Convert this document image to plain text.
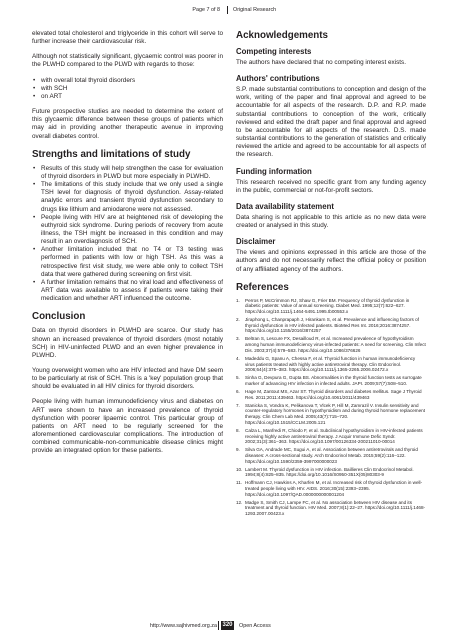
Page 7 of 8 Original Research

elevated total cholesterol and triglyceride in this cohort will serve to further increase their cardiovascular risk.

Although not statistically significant, glycaemic control was poorer in the PLWHD compared to the PLWD with regards to those:

• with overall total thyroid disorders
• with SCH
• on ART

Future prospective studies are needed to determine the extent of this glycaemic difference between these groups of patients which may aid in providing another therapeutic avenue in improving overall diabetes control.

Strengths and limitations of study
• Results of this study will help strengthen the case for evaluation of thyroid disorders in PLWD but more especially in PLWHD.
• The limitations of this study include that we only used a single TSH level for diagnosis of thyroid dysfunction. Assay-related analytic errors and transient thyroid dysfunction secondary to drugs like lithium and amiodarone were not assessed.
• People living with HIV are at heightened risk of developing the euthyroid sick syndrome. During periods of recovery from acute illness, the TSH might be increased in this condition and may result in an overdiagnosis of SCH.
• Another limitation included that no T4 or T3 testing was performed in patients with low or high TSH. As this was a retrospective first visit study, we were able only to collect TSH data that were gathered during screening on first visit.
• A further limitation remains that no viral load and effectiveness of ART data was available to assess if patients were taking their medication and whether ART influenced the outcome.
Conclusion

Data on thyroid disorders in PLWHD are scarce. Our study has shown an increased prevalence of thyroid disorders (most notably SCH) in HIV-uninfected PLWD and an even higher prevalence in PLWHD.

Young overweight women who are HIV infected and have DM seem to be particularly at risk of SCH. This is a 'key' population group that should be evaluated in all HIV clinics for thyroid disorders.

People living with human immunodeficiency virus and diabetes on ART were shown to have an increased prevalence of thyroid dysfunction with poorer lipaemic control. This particular group of patients on ART need to be regularly screened for the aforementioned cardiovascular complications. The introduction of combined communicable-non-communicable disease clinics might provide an integrated option for these patients.

Acknowledgements
Competing interests

The authors have declared that no competing interest exists.

Authors' contributions

S.P. made substantial contributions to conception and design of the work, writing of the paper and final approval and agreed to be accountable for all aspects of the research. D.P. and R.P. made substantial contributions to conception of the work, critically reviewed and edited the draft paper and final approval and agreed to be accountable for all aspects of the research. D.S. made substantial contributions to the generation of statistics and critically reviewed the article and agreed to be accountable for all aspects of the research.

Funding information

This research received no specific grant from any funding agency in the public, commercial or not-for-profit sectors.

Data availability statement

Data sharing is not applicable to this article as no new data were created or analysed in this study.

Disclaimer

The views and opinions expressed in this article are those of the authors and do not necessarily reflect the official policy or position of any affiliated agency of the authors.

References
1. Perros P, McCrimmon RJ, Shaw G, Frier BM. Frequency of thyroid dysfunction in diabetic patients: Value of annual screening. Diabet Med. 1995;12(7):622–627. https://doi.org/10.1111/j.1464-5491.1995.tb00553.x
2. Jiraphong L, Chanprapaph J, Hirankarn S, et al. Prevalence and influencing factors of thyroid dysfunction in HIV infected patients. BioMed Res Int. 2016;2016:3874257. https://doi.org/10.1155/2016/3874257
3. Beltran S, Lescure FX, Desailloud R, et al. Increased prevalence of hypothyroidism among human immunodeficiency virus-infected patients: A need for screening. Clin Infect Dis. 2003;37(4):579–583. https://doi.org/10.1086/376626
4. Madeddu G, Spanu A, Chessa F, et al. Thyroid function in human immunodeficiency virus patients treated with highly active antiretroviral therapy. Clin Endocrinol. 2006;64(4):375–383. https://doi.org/10.1111/j.1365-2265.2006.02472.x
5. Sinha G, Devpura G, Gupta BS. Abnormalities in the thyroid function tests as surrogate marker of advancing HIV infection in infected adults. JAPI. 2009;57(7):508–510.
6. Hage M, Zantout MS, Azar ST. Thyroid disorders and diabetes mellitus. Sage J Thyroid Res. 2011;2011:439463. https://doi.org/10.4061/2011/439463
7. Stanicka S, Vondra K, Pelikanova T, Vlcek P, Hill M, Zamrazil V. Insulin sensitivity and counter-regulatory hormones in hypothyroidism and during thyroid hormone replacement therapy. Clin Chem Lab Med. 2005;43(7):715–720. https://doi.org/10.1515/CCLM.2005.121
8. Calza L, Manfredi R, Chiodo F, et al. Subclinical hypothyroidism in HIV-infected patients receiving highly active antiretroviral therapy. J Acquir Immune Defic Syndr. 2002;31(3):361–363. https://doi.org/10.1097/00126334-200211010-00014
9. Silva GA, Andrade MC, Sugui A, et al. Association between antiretrovirals and thyroid diseases: A cross-sectional study. Arch Endocrinol Metab. 2015;59(2):116–122. https://doi.org/10.1590/2359-3997000000023
10. Lambert M. Thyroid dysfunction in HIV infection. Baillieres Clin Endocrinol Metabol. 1994;8(4):825–835. https://doi.org/10.1016/S0950-351X(05)80303-9
11. Hoffmann CJ, Hawkins A, Kharfen M, et al. Increased risk of thyroid dysfunction in well-treated people living with HIV. AIDS. 2016;30(15):2393–2395. https://doi.org/10.1097/QAD.0000000000001204
12. Madge S, Smith CJ, Lampe FC, et al. No association between HIV disease and its treatment and thyroid function. HIV Med. 2007;8(1):22–27. https://doi.org/10.1111/j.1468-1293.2007.00423.x
http://www.sajhivmed.org.za 320 Open Access
